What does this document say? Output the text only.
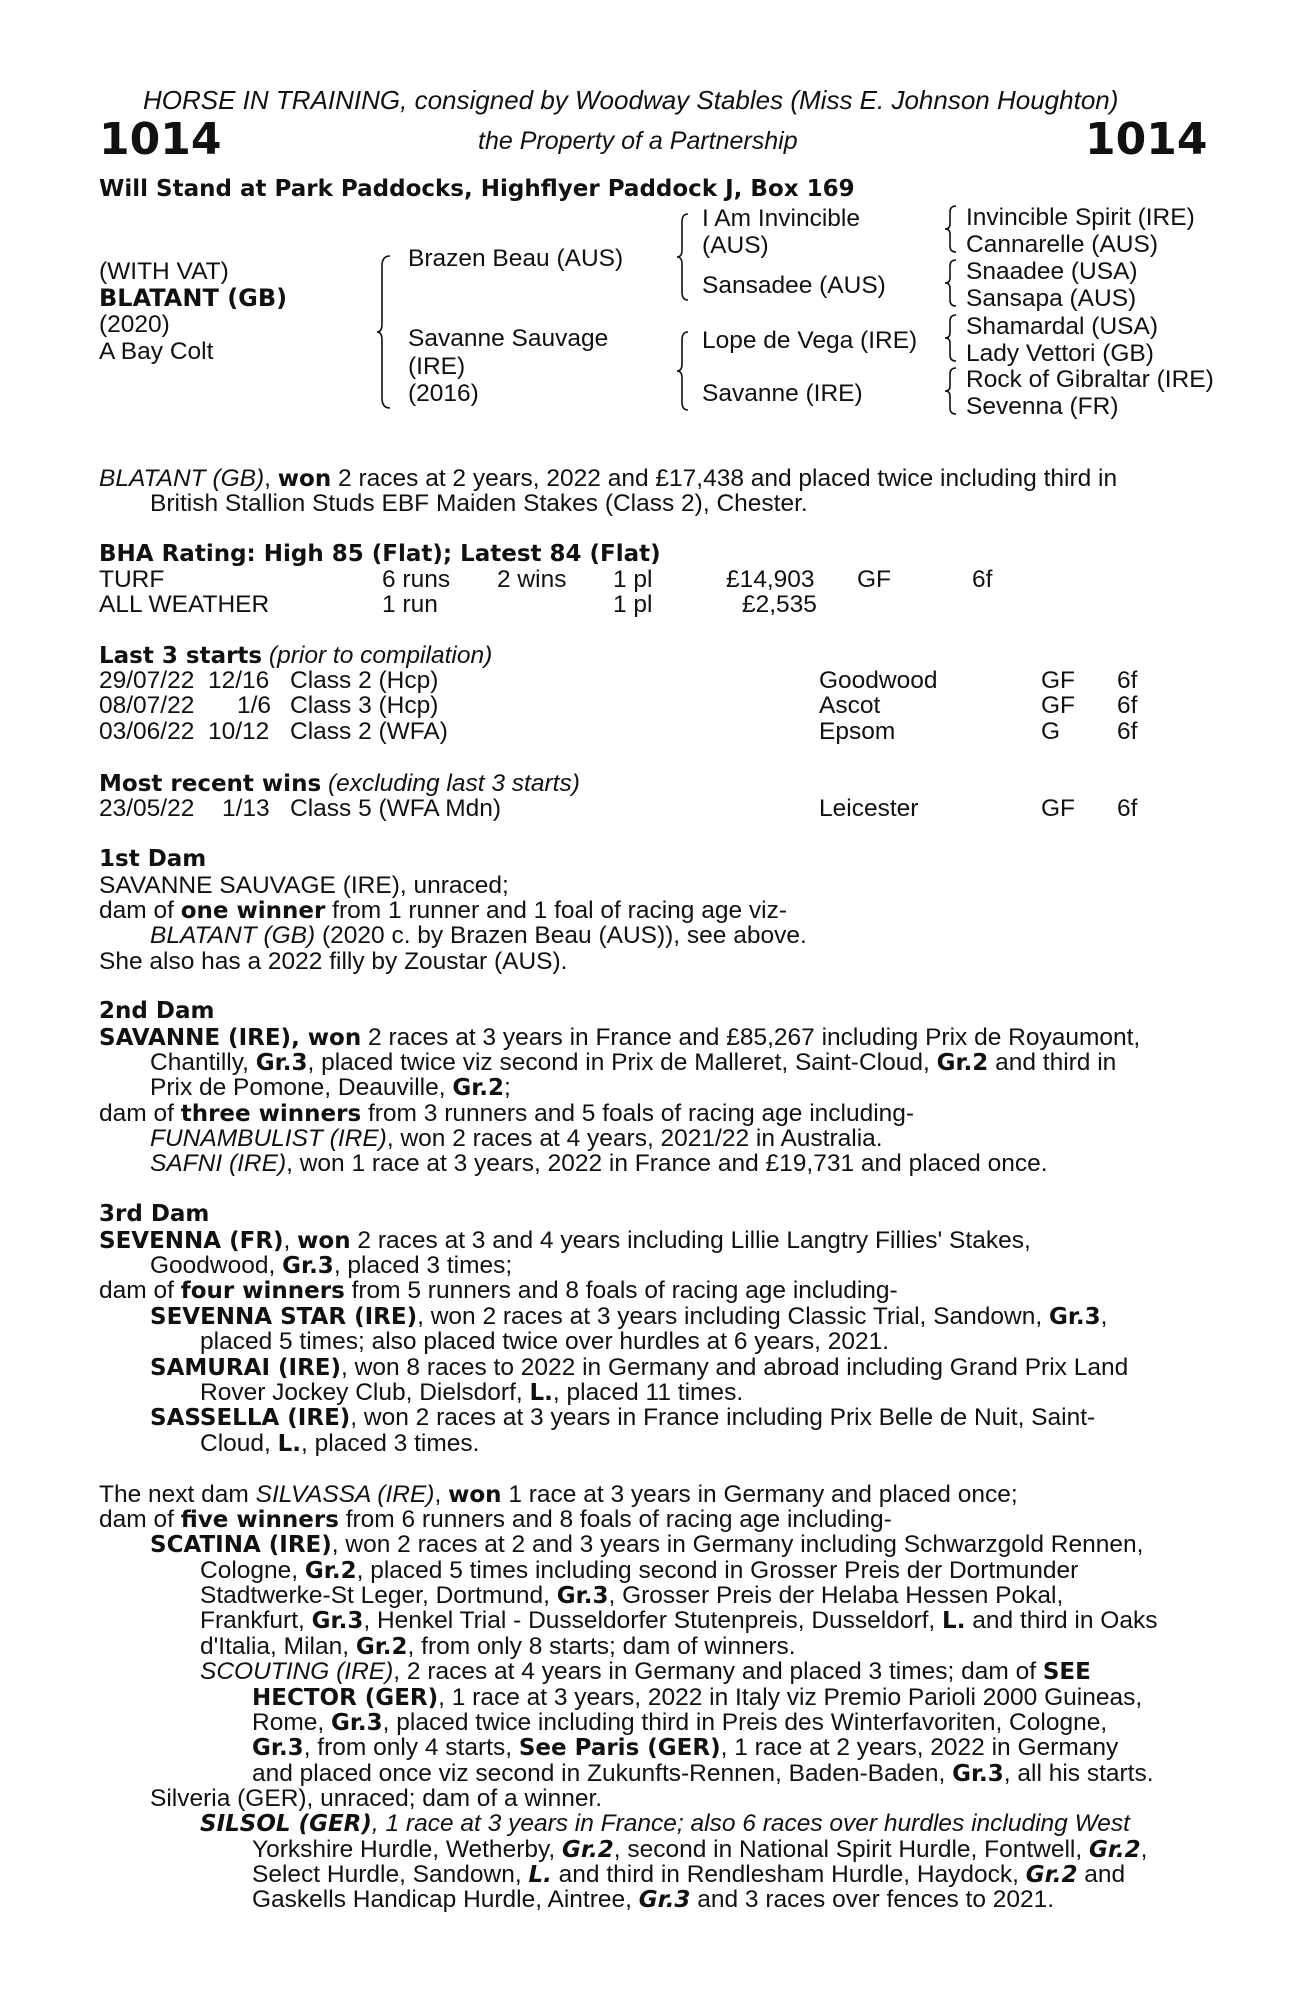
HORSE IN TRAINING, consigned by Woodway Stables (Miss E. Johnson Houghton)
1014	the Property of a Partnership	1014
Will Stand at Park Paddocks, Highflyer Paddock J, Box 169
(WITH VAT)
BLATANT (GB)
(2020)
A Bay Colt
Brazen Beau (AUS)
Savanne Sauvage
(IRE)
(2016)
I Am Invincible
(AUS)
Sansadee (AUS)
Lope de Vega (IRE)
Savanne (IRE)
Invincible Spirit (IRE)
Cannarelle (AUS)
Snaadee (USA)
Sansapa (AUS)
Shamardal (USA)
Lady Vettori (GB)
Rock of Gibraltar (IRE)
Sevenna (FR)
BLATANT (GB), won 2 races at 2 years, 2022 and £17,438 and placed twice including third in
British Stallion Studs EBF Maiden Stakes (Class 2), Chester.
BHA Rating: High 85 (Flat); Latest 84 (Flat)
TURF	6 runs 2 wins 1 pl	£14,903 GF	6f
ALL WEATHER	1 run	1 pl	£2,535
Last 3 starts (prior to compilation)
29/07/22 12/16 Class 2 (Hcp)	Goodwood	GF 6f
08/07/22 1/6 Class 3 (Hcp)	Ascot	GF 6f
03/06/22 10/12 Class 2 (WFA)	Epsom	G 6f
Most recent wins (excluding last 3 starts)
23/05/22 1/13 Class 5 (WFA Mdn)	Leicester	GF 6f
1st Dam
SAVANNE SAUVAGE (IRE), unraced;
dam of one winner from 1 runner and 1 foal of racing age viz-
BLATANT (GB) (2020 c. by Brazen Beau (AUS)), see above.
She also has a 2022 filly by Zoustar (AUS).
2nd Dam
SAVANNE (IRE), won 2 races at 3 years in France and £85,267 including Prix de Royaumont,
Chantilly, Gr.3, placed twice viz second in Prix de Malleret, Saint-Cloud, Gr.2 and third in
Prix de Pomone, Deauville, Gr.2;
dam of three winners from 3 runners and 5 foals of racing age including-
FUNAMBULIST (IRE), won 2 races at 4 years, 2021/22 in Australia.
SAFNI (IRE), won 1 race at 3 years, 2022 in France and £19,731 and placed once.
3rd Dam
SEVENNA (FR), won 2 races at 3 and 4 years including Lillie Langtry Fillies' Stakes,
Goodwood, Gr.3, placed 3 times;
dam of four winners from 5 runners and 8 foals of racing age including-
SEVENNA STAR (IRE), won 2 races at 3 years including Classic Trial, Sandown, Gr.3,
placed 5 times; also placed twice over hurdles at 6 years, 2021.
SAMURAI (IRE), won 8 races to 2022 in Germany and abroad including Grand Prix Land
Rover Jockey Club, Dielsdorf, L., placed 11 times.
SASSELLA (IRE), won 2 races at 3 years in France including Prix Belle de Nuit, Saint-
Cloud, L., placed 3 times.
The next dam SILVASSA (IRE), won 1 race at 3 years in Germany and placed once;
dam of five winners from 6 runners and 8 foals of racing age including-
SCATINA (IRE), won 2 races at 2 and 3 years in Germany including Schwarzgold Rennen,
Cologne, Gr.2, placed 5 times including second in Grosser Preis der Dortmunder
Stadtwerke-St Leger, Dortmund, Gr.3, Grosser Preis der Helaba Hessen Pokal,
Frankfurt, Gr.3, Henkel Trial - Dusseldorfer Stutenpreis, Dusseldorf, L. and third in Oaks
d'Italia, Milan, Gr.2, from only 8 starts; dam of winners.
SCOUTING (IRE), 2 races at 4 years in Germany and placed 3 times; dam of SEE
HECTOR (GER), 1 race at 3 years, 2022 in Italy viz Premio Parioli 2000 Guineas,
Rome, Gr.3, placed twice including third in Preis des Winterfavoriten, Cologne,
Gr.3, from only 4 starts, See Paris (GER), 1 race at 2 years, 2022 in Germany
and placed once viz second in Zukunfts-Rennen, Baden-Baden, Gr.3, all his starts.
Silveria (GER), unraced; dam of a winner.
SILSOL (GER), 1 race at 3 years in France; also 6 races over hurdles including West
Yorkshire Hurdle, Wetherby, Gr.2, second in National Spirit Hurdle, Fontwell, Gr.2,
Select Hurdle, Sandown, L. and third in Rendlesham Hurdle, Haydock, Gr.2 and
Gaskells Handicap Hurdle, Aintree, Gr.3 and 3 races over fences to 2021.
